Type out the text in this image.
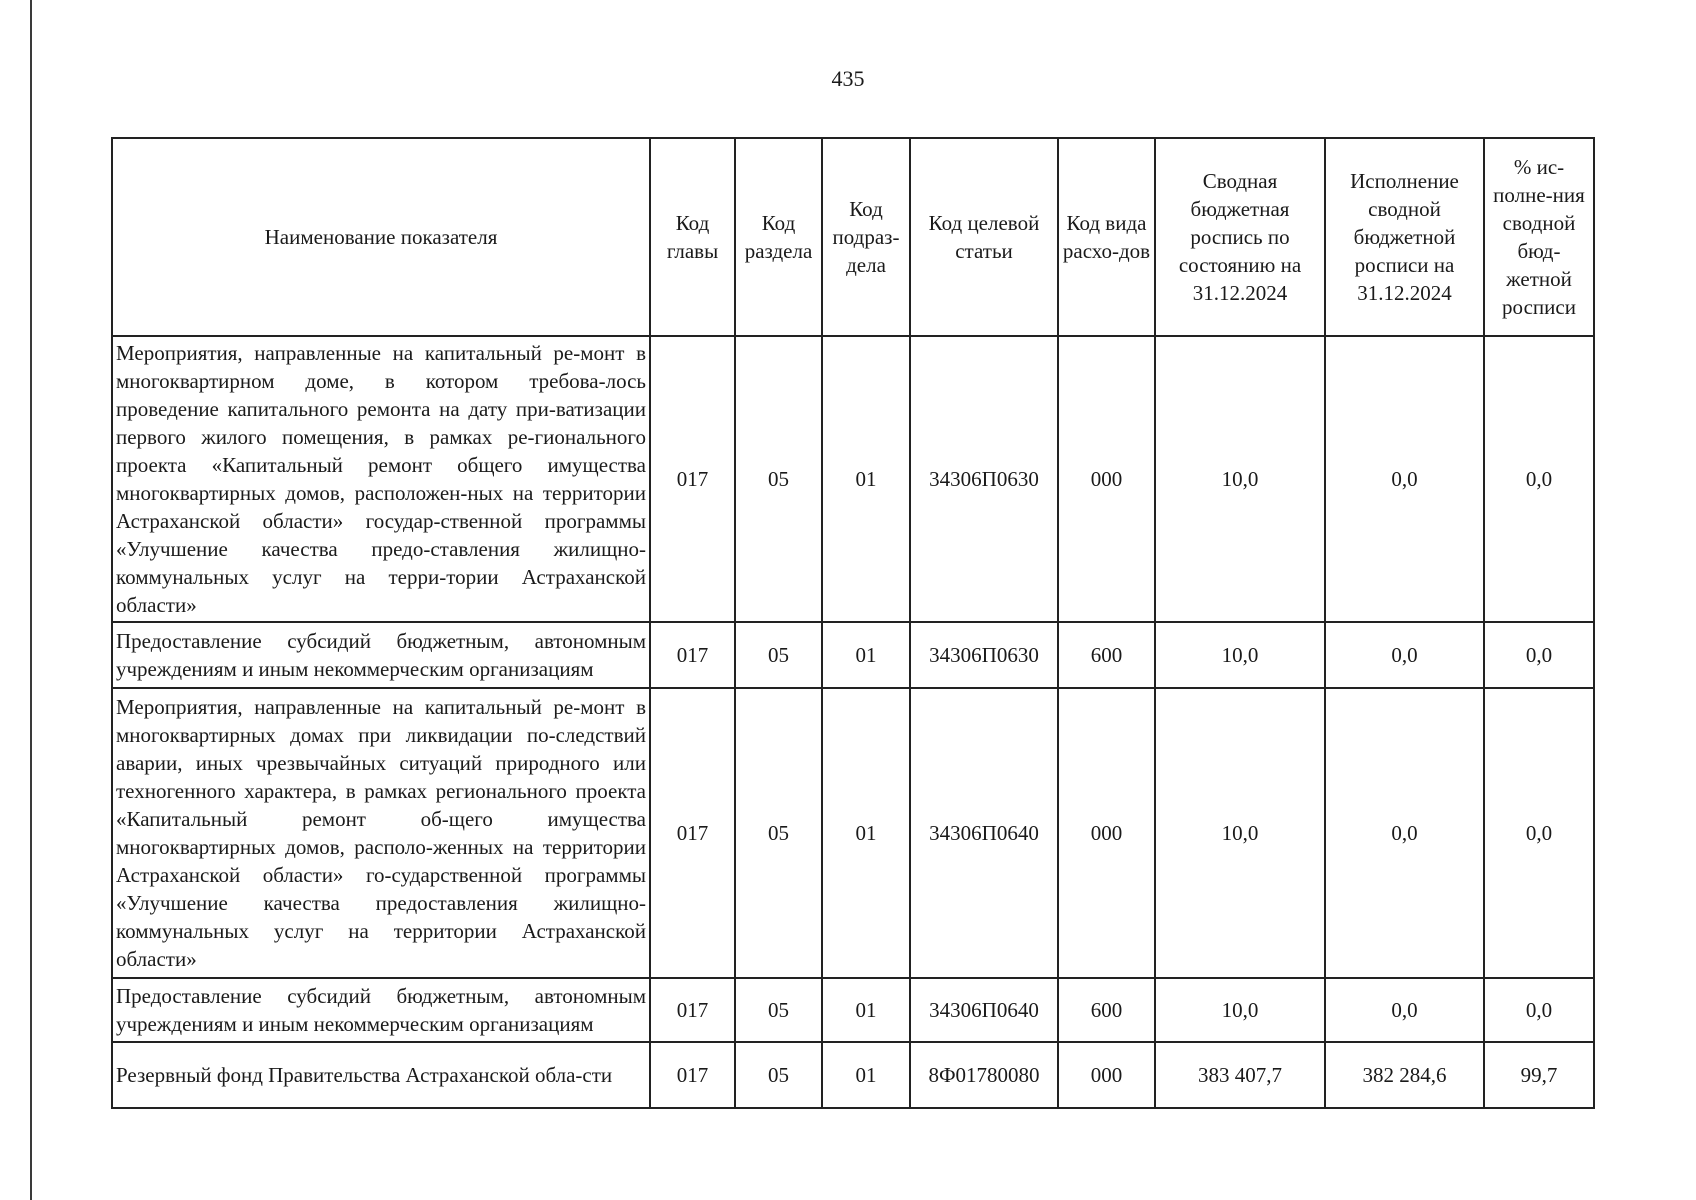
435
Наименование показателя	Код главы	Код раздела	Код подраз-дела	Код целевой статьи	Код вида расхо-дов	Сводная бюджетная роспись по состоянию на 31.12.2024	Исполнение сводной бюджетной росписи на 31.12.2024	% ис-полне-ния сводной бюд-жетной росписи
Мероприятия, направленные на капитальный ре-монт в многоквартирном доме, в котором требова-лось проведение капитального ремонта на дату при-ватизации первого жилого помещения, в рамках ре-гионального проекта «Капитальный ремонт общего имущества многоквартирных домов, расположен-ных на территории Астраханской области» государ-ственной программы «Улучшение качества предо-ставления жилищно-коммунальных услуг на терри-тории Астраханской области»	017	05	01	34306П0630	000	10,0	0,0	0,0
Предоставление субсидий бюджетным, автономным учреждениям и иным некоммерческим организациям	017	05	01	34306П0630	600	10,0	0,0	0,0
Мероприятия, направленные на капитальный ре-монт в многоквартирных домах при ликвидации по-следствий аварии, иных чрезвычайных ситуаций природного или техногенного характера, в рамках регионального проекта «Капитальный ремонт об-щего имущества многоквартирных домов, располо-женных на территории Астраханской области» го-сударственной программы «Улучшение качества предоставления жилищно-коммунальных услуг на территории Астраханской области»	017	05	01	34306П0640	000	10,0	0,0	0,0
Предоставление субсидий бюджетным, автономным учреждениям и иным некоммерческим организациям	017	05	01	34306П0640	600	10,0	0,0	0,0
Резервный фонд Правительства Астраханской обла-сти	017	05	01	8Ф01780080	000	383 407,7	382 284,6	99,7
